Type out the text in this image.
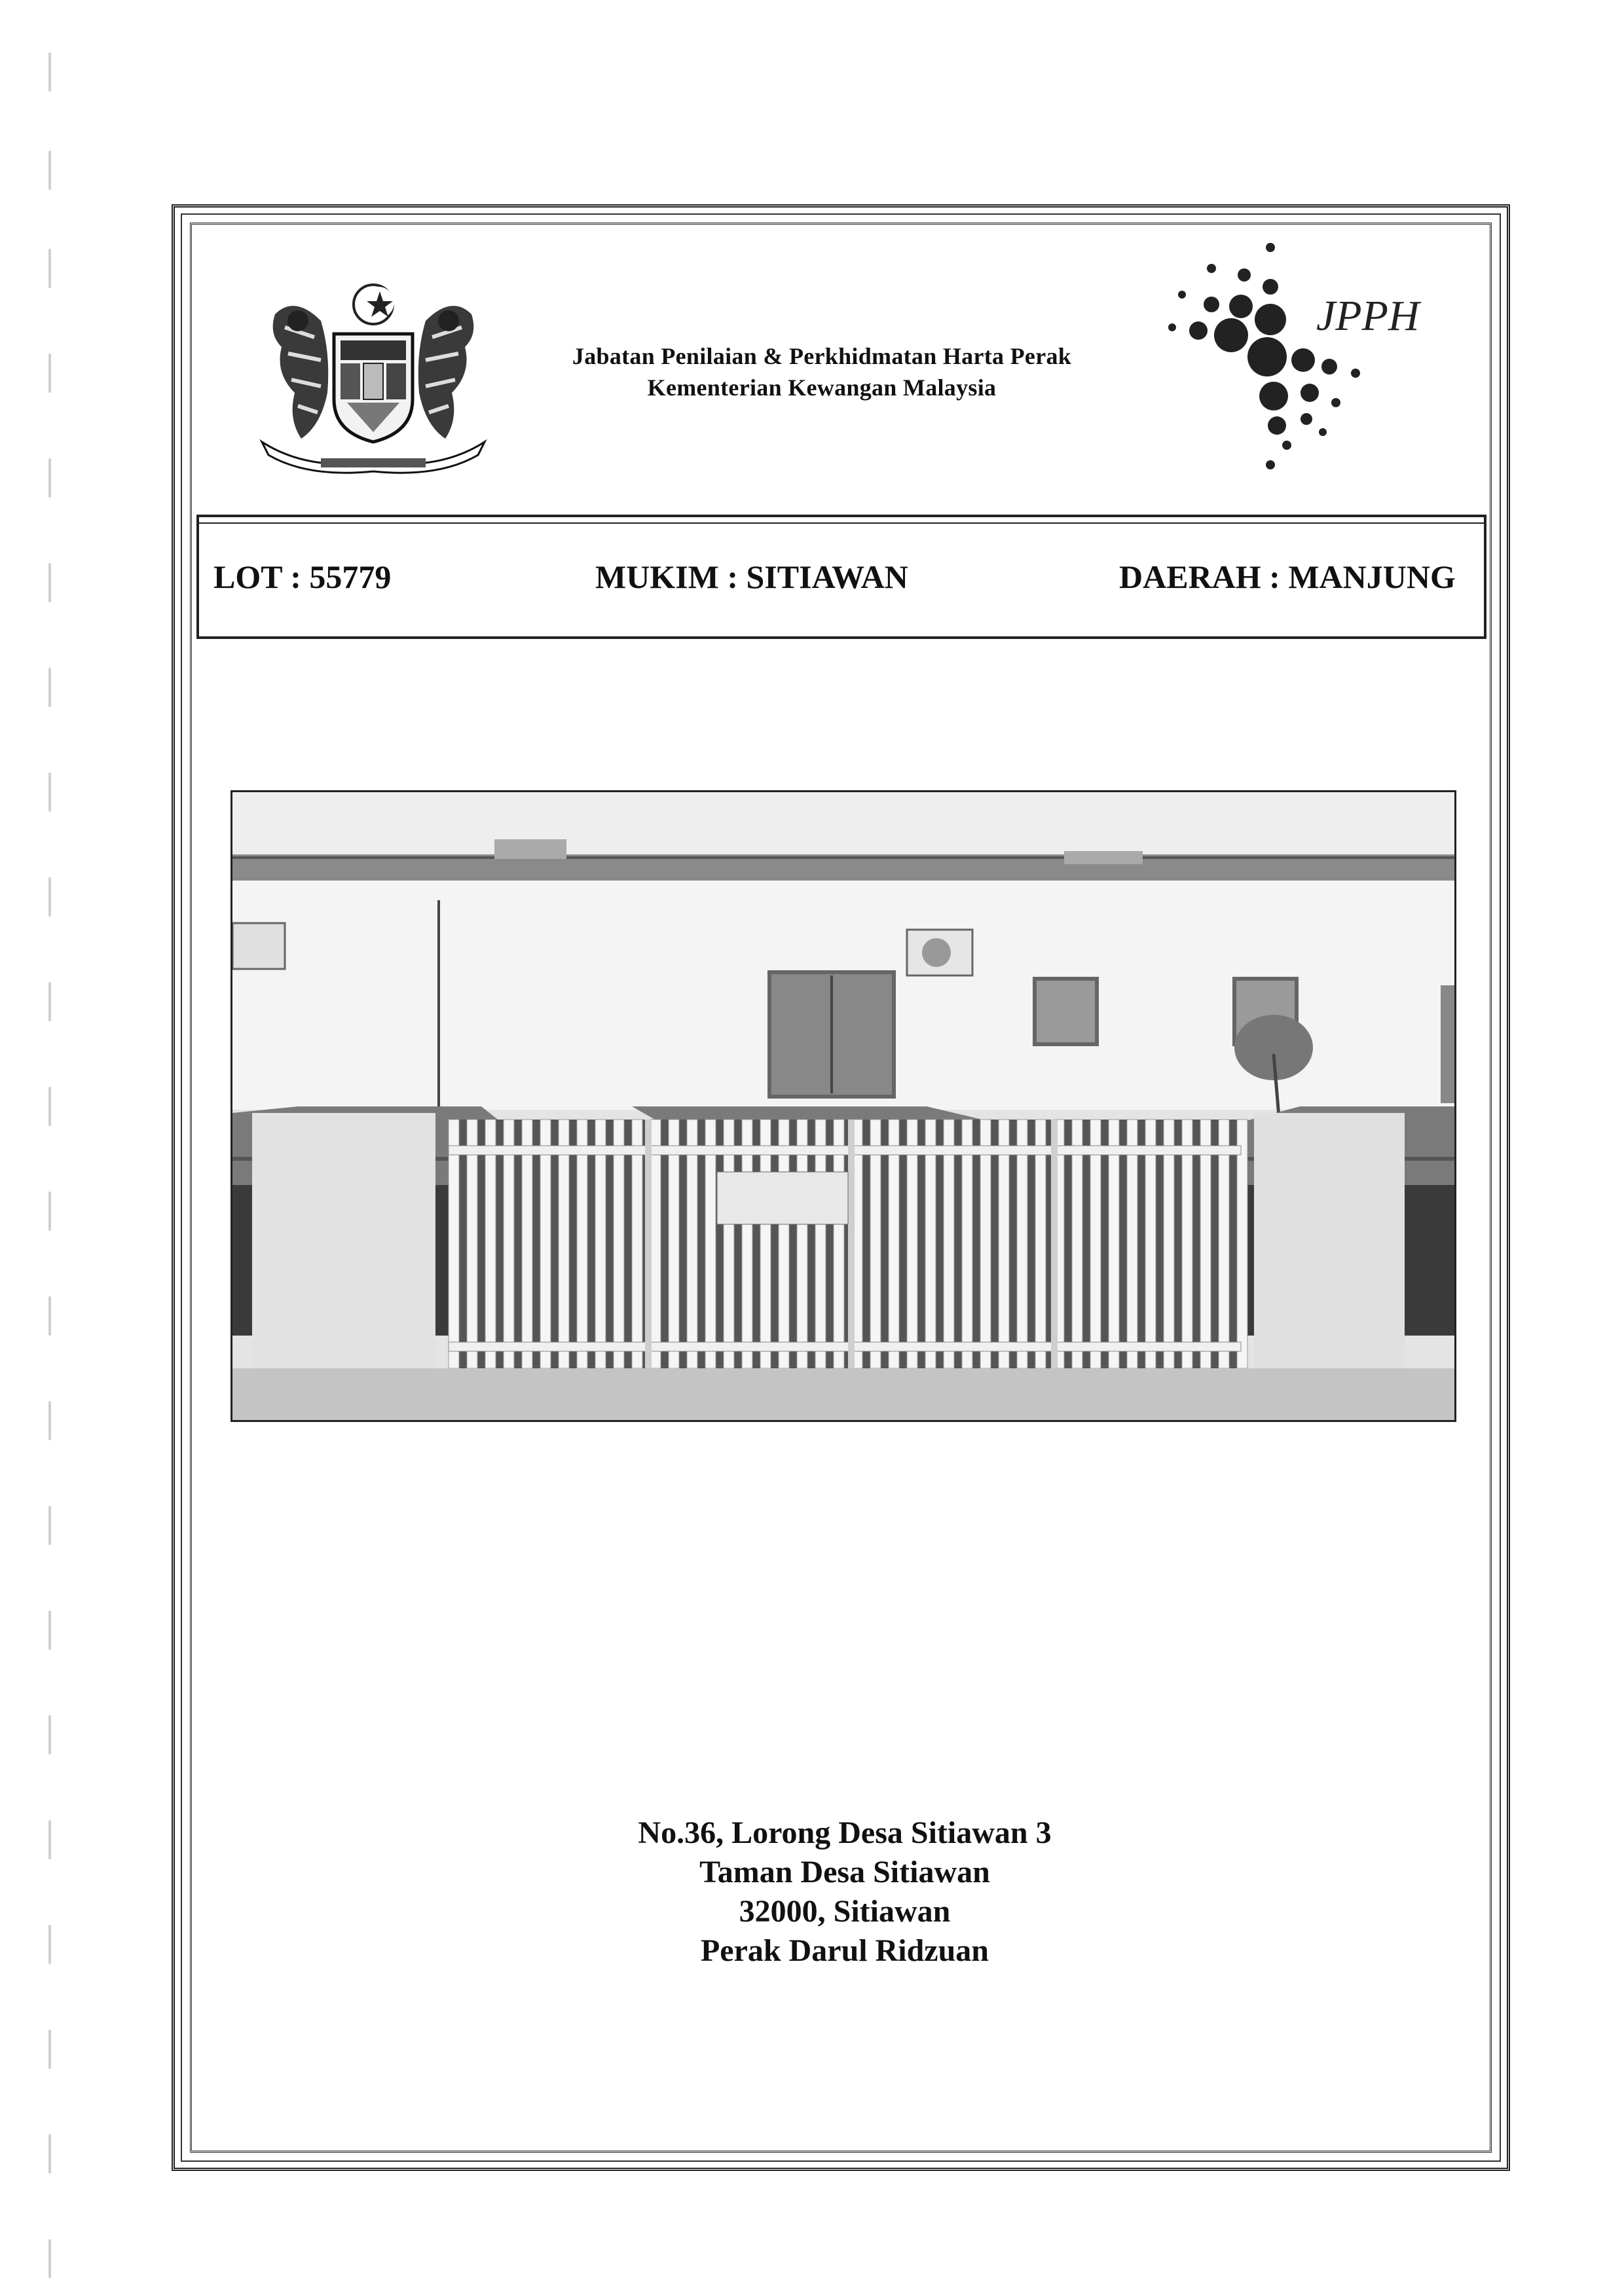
Jabatan Penilaian & Perkhidmatan Harta Perak
Kementerian Kewangan Malaysia
JPPH
LOT : 55779	MUKIM : SITIAWAN	DAERAH : MANJUNG
No.36, Lorong Desa Sitiawan 3
Taman Desa Sitiawan
32000, Sitiawan
Perak Darul Ridzuan
